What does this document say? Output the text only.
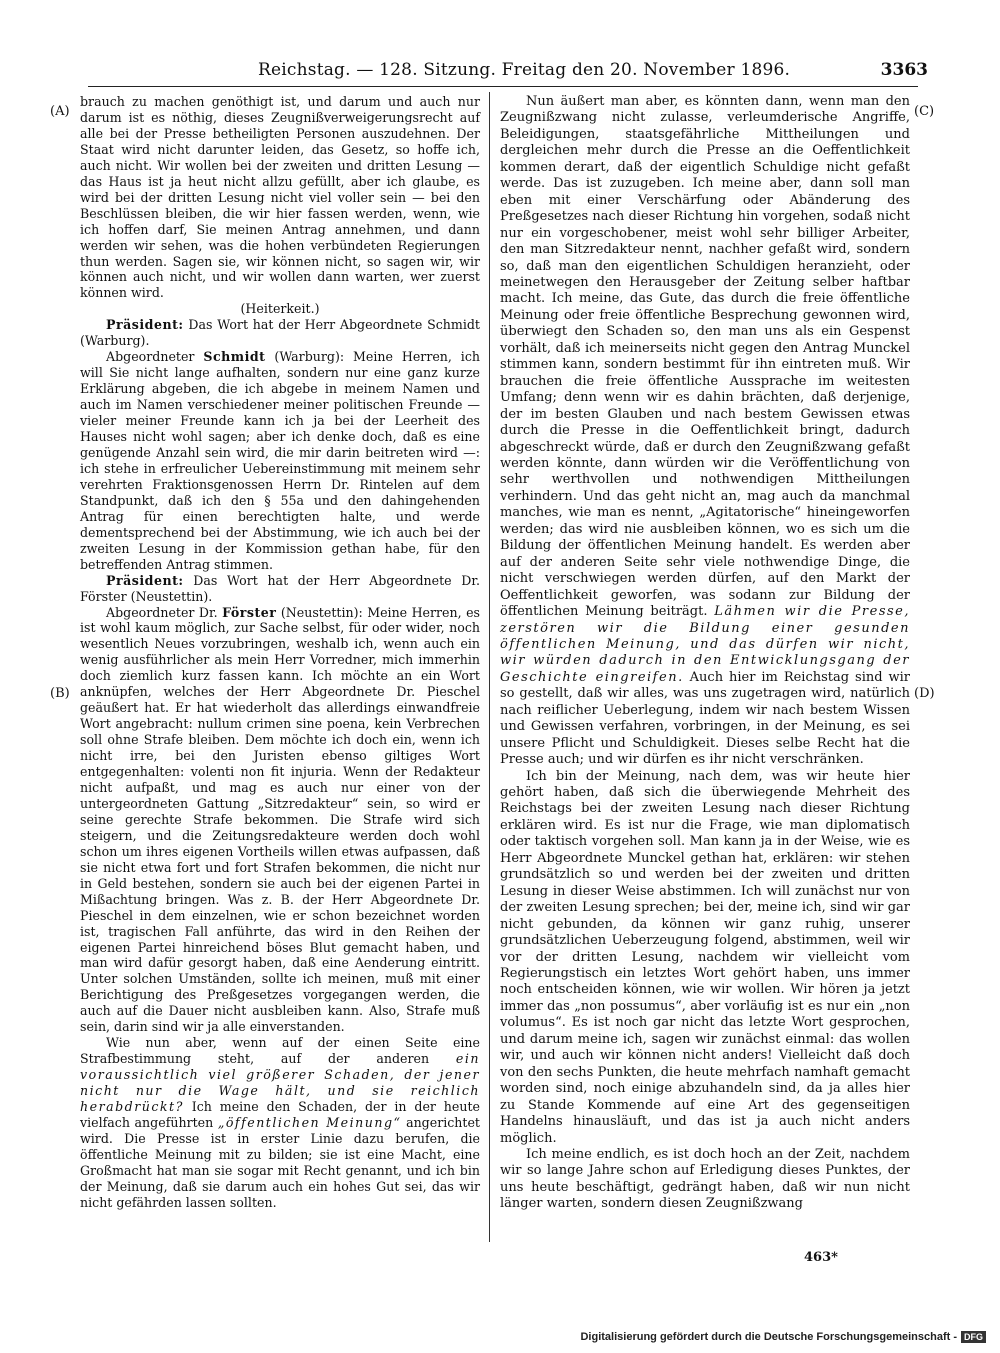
Reichstag. — 128. Sitzung. Freitag den 20. November 1896.	3363
(A)
(B)
(C)
(D)

brauch zu machen genöthigt ist, und darum und auch nur darum ist es nöthig, dieses Zeugnißverweigerungsrecht auf alle bei der Presse betheiligten Personen auszudehnen. Der Staat wird nicht darunter leiden, das Gesetz, so hoffe ich, auch nicht. Wir wollen bei der zweiten und dritten Lesung — das Haus ist ja heut nicht allzu gefüllt, aber ich glaube, es wird bei der dritten Lesung nicht viel voller sein — bei den Beschlüssen bleiben, die wir hier fassen werden, wenn, wie ich hoffen darf, Sie meinen Antrag annehmen, und dann werden wir sehen, was die hohen verbündeten Regierungen thun werden. Sagen sie, wir können nicht, so sagen wir, wir können auch nicht, und wir wollen dann warten, wer zuerst können wird.

(Heiterkeit.)

Präsident: Das Wort hat der Herr Abgeordnete Schmidt (Warburg).

Abgeordneter Schmidt (Warburg): Meine Herren, ich will Sie nicht lange aufhalten, sondern nur eine ganz kurze Erklärung abgeben, die ich abgebe in meinem Namen und auch im Namen verschiedener meiner politischen Freunde — vieler meiner Freunde kann ich ja bei der Leerheit des Hauses nicht wohl sagen; aber ich denke doch, daß es eine genügende Anzahl sein wird, die mir darin beitreten wird —: ich stehe in erfreulicher Uebereinstimmung mit meinem sehr verehrten Fraktionsgenossen Herrn Dr. Rintelen auf dem Standpunkt, daß ich den § 55a und den dahingehenden Antrag für einen berechtigten halte, und werde dementsprechend bei der Abstimmung, wie ich auch bei der zweiten Lesung in der Kommission gethan habe, für den betreffenden Antrag stimmen.

Präsident: Das Wort hat der Herr Abgeordnete Dr. Förster (Neustettin).

Abgeordneter Dr. Förster (Neustettin): Meine Herren, es ist wohl kaum möglich, zur Sache selbst, für oder wider, noch wesentlich Neues vorzubringen, weshalb ich, wenn auch ein wenig ausführlicher als mein Herr Vorredner, mich immerhin doch ziemlich kurz fassen kann. Ich möchte an ein Wort anknüpfen, welches der Herr Abgeordnete Dr. Pieschel geäußert hat. Er hat wiederholt das allerdings einwandfreie Wort angebracht: nullum crimen sine poena, kein Verbrechen soll ohne Strafe bleiben. Dem möchte ich doch ein, wenn ich nicht irre, bei den Juristen ebenso giltiges Wort entgegenhalten: volenti non fit injuria. Wenn der Redakteur nicht aufpaßt, und mag es auch nur einer von der untergeordneten Gattung „Sitzredakteur“ sein, so wird er seine gerechte Strafe bekommen. Die Strafe wird sich steigern, und die Zeitungsredakteure werden doch wohl schon um ihres eigenen Vortheils willen etwas aufpassen, daß sie nicht etwa fort und fort Strafen bekommen, die nicht nur in Geld bestehen, sondern sie auch bei der eigenen Partei in Mißachtung bringen. Was z. B. der Herr Abgeordnete Dr. Pieschel in dem einzelnen, wie er schon bezeichnet worden ist, tragischen Fall anführte, das wird in den Reihen der eigenen Partei hinreichend böses Blut gemacht haben, und man wird dafür gesorgt haben, daß eine Aenderung eintritt. Unter solchen Umständen, sollte ich meinen, muß mit einer Berichtigung des Preßgesetzes vorgegangen werden, die auch auf die Dauer nicht ausbleiben kann. Also, Strafe muß sein, darin sind wir ja alle einverstanden.

Wie nun aber, wenn auf der einen Seite eine Strafbestimmung steht, auf der anderen ein voraussichtlich viel größerer Schaden, der jener nicht nur die Wage hält, und sie reichlich herabdrückt? Ich meine den Schaden, der in der heute vielfach angeführten „öffentlichen Meinung“ angerichtet wird. Die Presse ist in erster Linie dazu berufen, die öffentliche Meinung mit zu bilden; sie ist eine Macht, eine Großmacht hat man sie sogar mit Recht genannt, und ich bin der Meinung, daß sie darum auch ein hohes Gut sei, das wir nicht gefährden lassen sollten.

Nun äußert man aber, es könnten dann, wenn man den Zeugnißzwang nicht zulasse, verleumderische Angriffe, Beleidigungen, staatsgefährliche Mittheilungen und dergleichen mehr durch die Presse an die Oeffentlichkeit kommen derart, daß der eigentlich Schuldige nicht gefaßt werde. Das ist zuzugeben. Ich meine aber, dann soll man eben mit einer Verschärfung oder Abänderung des Preßgesetzes nach dieser Richtung hin vorgehen, sodaß nicht nur ein vorgeschobener, meist wohl sehr billiger Arbeiter, den man Sitzredakteur nennt, nachher gefaßt wird, sondern so, daß man den eigentlichen Schuldigen heranzieht, oder meinetwegen den Herausgeber der Zeitung selber haftbar macht. Ich meine, das Gute, das durch die freie öffentliche Meinung oder freie öffentliche Besprechung gewonnen wird, überwiegt den Schaden so, den man uns als ein Gespenst vorhält, daß ich meinerseits nicht gegen den Antrag Munckel stimmen kann, sondern bestimmt für ihn eintreten muß. Wir brauchen die freie öffentliche Aussprache im weitesten Umfang; denn wenn wir es dahin brächten, daß derjenige, der im besten Glauben und nach bestem Gewissen etwas durch die Presse in die Oeffentlichkeit bringt, dadurch abgeschreckt würde, daß er durch den Zeugnißzwang gefaßt werden könnte, dann würden wir die Veröffentlichung von sehr werthvollen und nothwendigen Mittheilungen verhindern. Und das geht nicht an, mag auch da manchmal manches, wie man es nennt, „Agitatorische“ hineingeworfen werden; das wird nie ausbleiben können, wo es sich um die Bildung der öffentlichen Meinung handelt. Es werden aber auf der anderen Seite sehr viele nothwendige Dinge, die nicht verschwiegen werden dürfen, auf den Markt der Oeffentlichkeit geworfen, was sodann zur Bildung der öffentlichen Meinung beiträgt. Lähmen wir die Presse, zerstören wir die Bildung einer gesunden öffentlichen Meinung, und das dürfen wir nicht, wir würden dadurch in den Entwicklungsgang der Geschichte eingreifen. Auch hier im Reichstag sind wir so gestellt, daß wir alles, was uns zugetragen wird, natürlich nach reiflicher Ueberlegung, indem wir nach bestem Wissen und Gewissen verfahren, vorbringen, in der Meinung, es sei unsere Pflicht und Schuldigkeit. Dieses selbe Recht hat die Presse auch; und wir dürfen es ihr nicht verschränken.

Ich bin der Meinung, nach dem, was wir heute hier gehört haben, daß sich die überwiegende Mehrheit des Reichstags bei der zweiten Lesung nach dieser Richtung erklären wird. Es ist nur die Frage, wie man diplomatisch oder taktisch vorgehen soll. Man kann ja in der Weise, wie es Herr Abgeordnete Munckel gethan hat, erklären: wir stehen grundsätzlich so und werden bei der zweiten und dritten Lesung in dieser Weise abstimmen. Ich will zunächst nur von der zweiten Lesung sprechen; bei der, meine ich, sind wir gar nicht gebunden, da können wir ganz ruhig, unserer grundsätzlichen Ueberzeugung folgend, abstimmen, weil wir vor der dritten Lesung, nachdem wir vielleicht vom Regierungstisch ein letztes Wort gehört haben, uns immer noch entscheiden können, wie wir wollen. Wir hören ja jetzt immer das „non possumus“, aber vorläufig ist es nur ein „non volumus“. Es ist noch gar nicht das letzte Wort gesprochen, und darum meine ich, sagen wir zunächst einmal: das wollen wir, und auch wir können nicht anders! Vielleicht daß doch von den sechs Punkten, die heute mehrfach namhaft gemacht worden sind, noch einige abzuhandeln sind, da ja alles hier zu Stande Kommende auf eine Art des gegenseitigen Handelns hinausläuft, und das ist ja auch nicht anders möglich.

Ich meine endlich, es ist doch hoch an der Zeit, nachdem wir so lange Jahre schon auf Erledigung dieses Punktes, der uns heute beschäftigt, gedrängt haben, daß wir nun nicht länger warten, sondern diesen Zeugnißzwang

463*
Digitalisierung gefördert durch die Deutsche Forschungsgemeinschaft - DFG
